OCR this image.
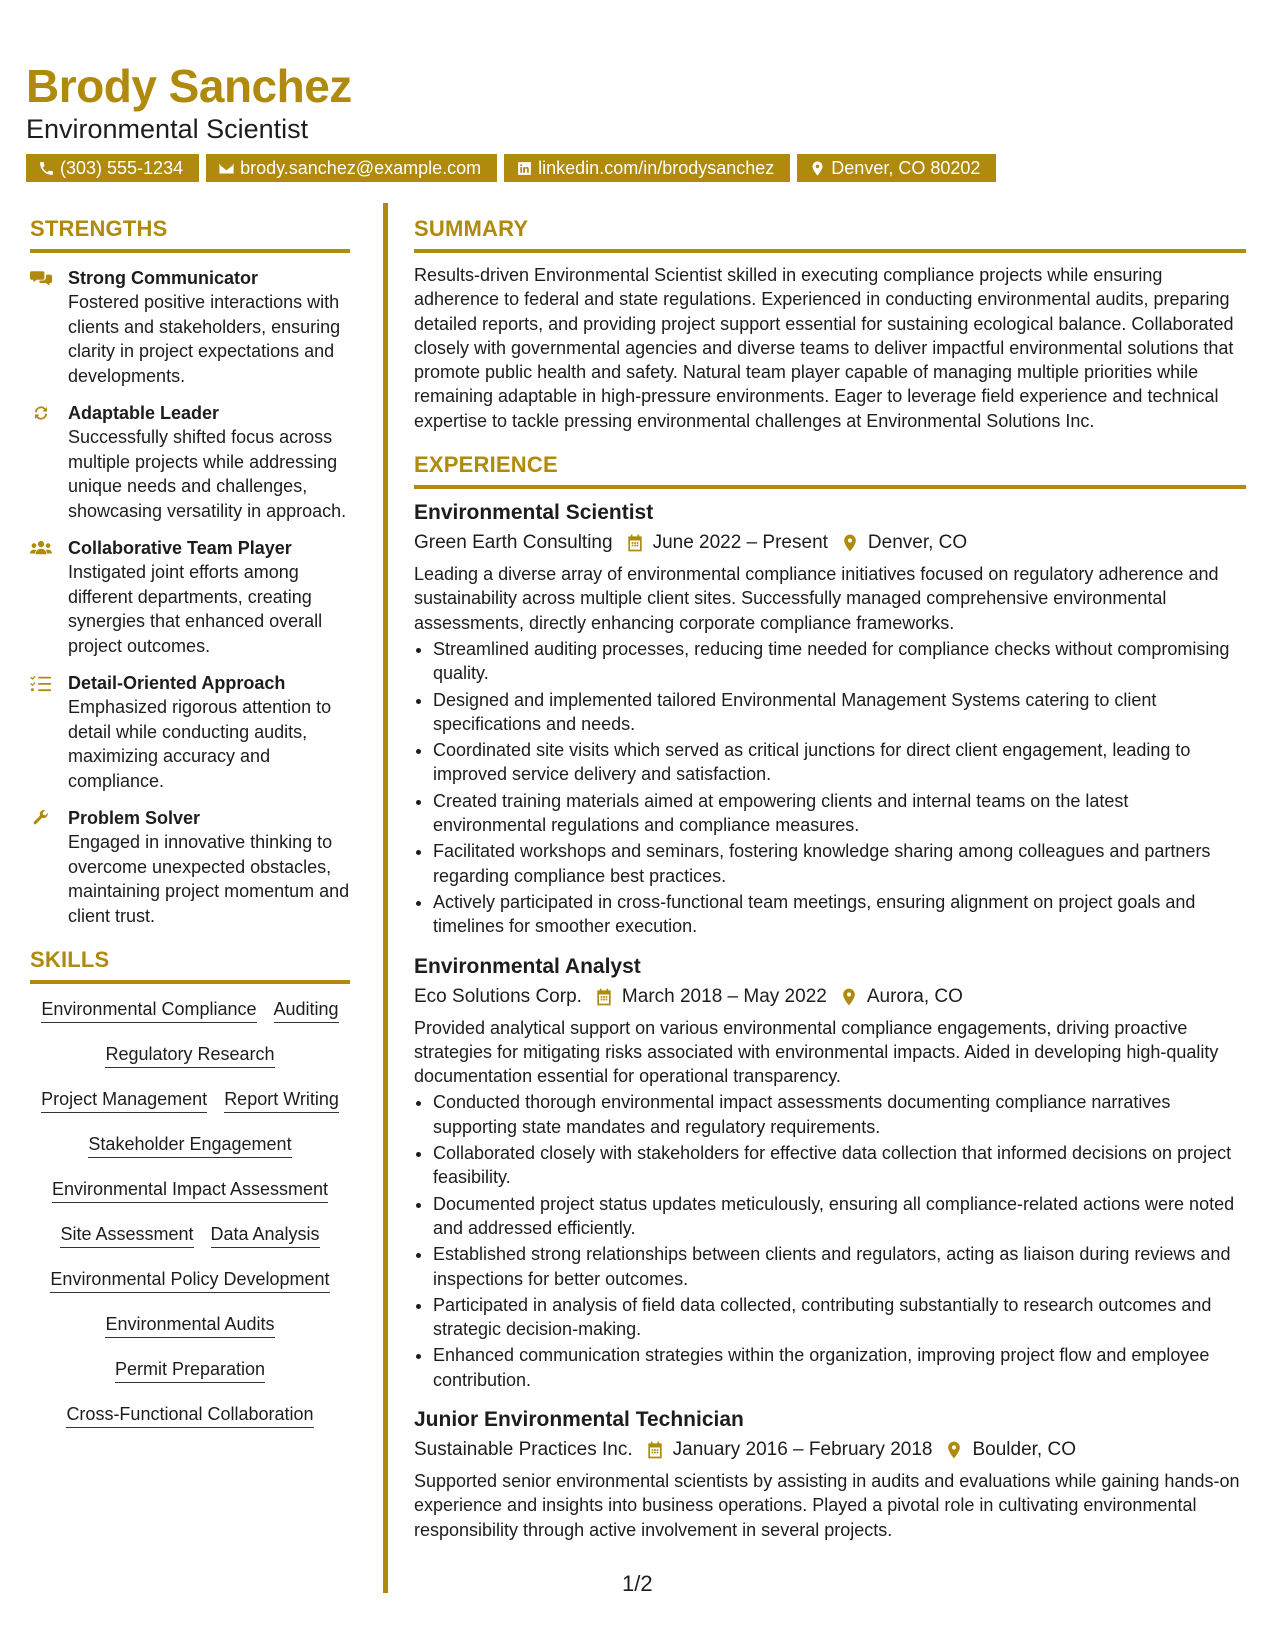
Brody Sanchez
Environmental Scientist
(303) 555-1234	brody.sanchez@example.com	linkedin.com/in/brodysanchez	Denver, CO 80202
STRENGTHS
Strong Communicator
Fostered positive interactions with clients and stakeholders, ensuring clarity in project expectations and developments.
Adaptable Leader
Successfully shifted focus across multiple projects while addressing unique needs and challenges, showcasing versatility in approach.
Collaborative Team Player
Instigated joint efforts among different departments, creating synergies that enhanced overall project outcomes.
Detail-Oriented Approach
Emphasized rigorous attention to detail while conducting audits, maximizing accuracy and compliance.
Problem Solver
Engaged in innovative thinking to overcome unexpected obstacles, maintaining project momentum and client trust.
SKILLS
Environmental Compliance Auditing
Regulatory Research
Project Management Report Writing
Stakeholder Engagement
Environmental Impact Assessment
Site Assessment Data Analysis
Environmental Policy Development
Environmental Audits
Permit Preparation
Cross-Functional Collaboration
SUMMARY

Results-driven Environmental Scientist skilled in executing compliance projects while ensuring adherence to federal and state regulations. Experienced in conducting environmental audits, preparing detailed reports, and providing project support essential for sustaining ecological balance. Collaborated closely with governmental agencies and diverse teams to deliver impactful environmental solutions that promote public health and safety. Natural team player capable of managing multiple priorities while remaining adaptable in high-pressure environments. Eager to leverage field experience and technical expertise to tackle pressing environmental challenges at Environmental Solutions Inc.

EXPERIENCE
Environmental Scientist
Green Earth Consulting June 2022 – Present Denver, CO
Leading a diverse array of environmental compliance initiatives focused on regulatory adherence and sustainability across multiple client sites. Successfully managed comprehensive environmental assessments, directly enhancing corporate compliance frameworks.
• Streamlined auditing processes, reducing time needed for compliance checks without compromising quality.
• Designed and implemented tailored Environmental Management Systems catering to client specifications and needs.
• Coordinated site visits which served as critical junctions for direct client engagement, leading to improved service delivery and satisfaction.
• Created training materials aimed at empowering clients and internal teams on the latest environmental regulations and compliance measures.
• Facilitated workshops and seminars, fostering knowledge sharing among colleagues and partners regarding compliance best practices.
• Actively participated in cross-functional team meetings, ensuring alignment on project goals and timelines for smoother execution.
Environmental Analyst
Eco Solutions Corp. March 2018 – May 2022 Aurora, CO
Provided analytical support on various environmental compliance engagements, driving proactive strategies for mitigating risks associated with environmental impacts. Aided in developing high-quality documentation essential for operational transparency.
• Conducted thorough environmental impact assessments documenting compliance narratives supporting state mandates and regulatory requirements.
• Collaborated closely with stakeholders for effective data collection that informed decisions on project feasibility.
• Documented project status updates meticulously, ensuring all compliance-related actions were noted and addressed efficiently.
• Established strong relationships between clients and regulators, acting as liaison during reviews and inspections for better outcomes.
• Participated in analysis of field data collected, contributing substantially to research outcomes and strategic decision-making.
• Enhanced communication strategies within the organization, improving project flow and employee contribution.
Junior Environmental Technician
Sustainable Practices Inc. January 2016 – February 2018 Boulder, CO
Supported senior environmental scientists by assisting in audits and evaluations while gaining hands-on experience and insights into business operations. Played a pivotal role in cultivating environmental responsibility through active involvement in several projects.
1/2
